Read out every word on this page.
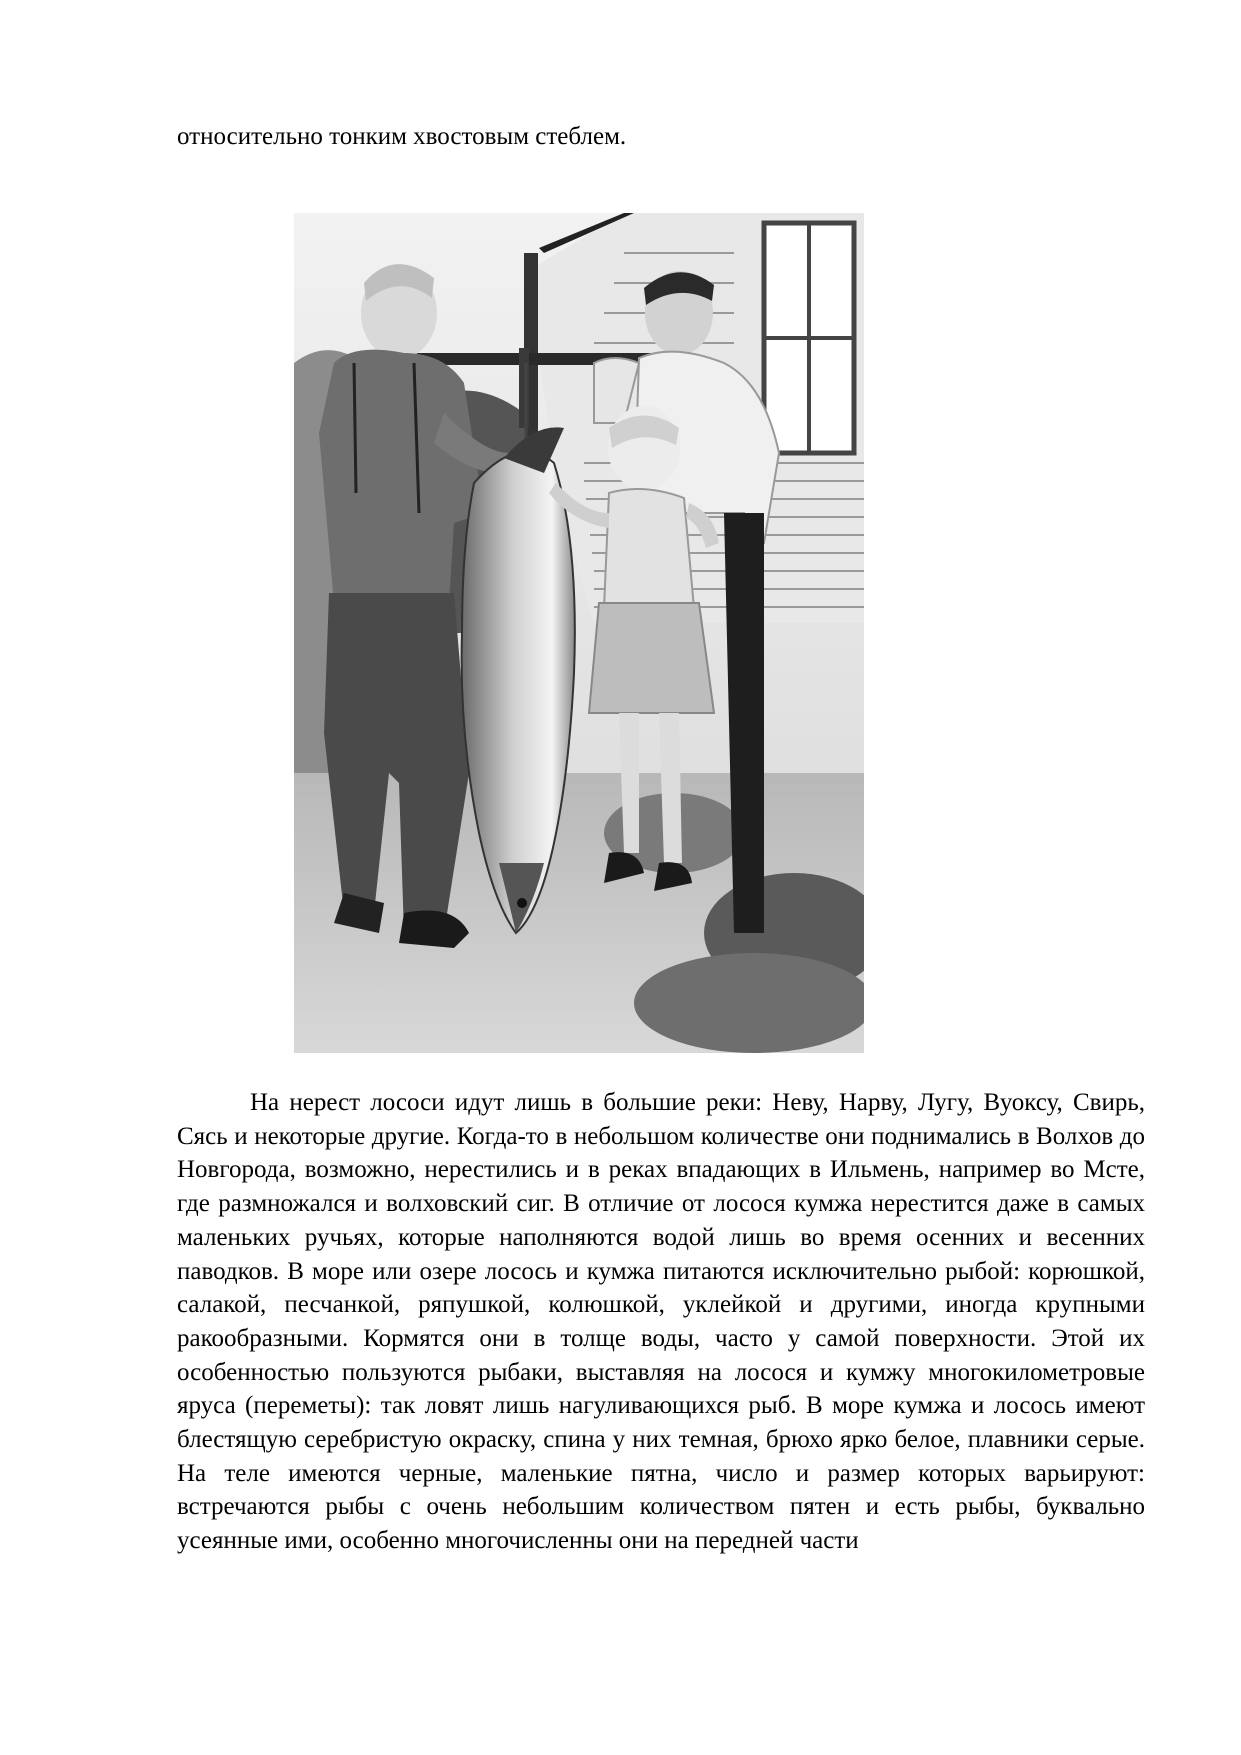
относительно тонким хвостовым стеблем.

На нерест лососи идут лишь в большие реки: Неву, Нарву, Лугу, Вуоксу, Свирь, Сясь и некоторые другие. Когда-то в небольшом количестве они поднимались в Волхов до Новгорода, возможно, нерестились и в реках впадающих в Ильмень, например во Мсте, где размножался и волховский сиг. В отличие от лосося кумжа нерестится даже в самых маленьких ручьях, которые наполняются водой лишь во время осенних и весенних паводков. В море или озере лосось и кумжа питаются исключительно рыбой: корюшкой, салакой, песчанкой, ряпушкой, колюшкой, уклейкой и другими, иногда крупными ракообразными. Кормятся они в толще воды, часто у самой поверхности. Этой их особенностью пользуются рыбаки, выставляя на лосося и кумжу многокилометровые яруса (переметы): так ловят лишь нагуливающихся рыб. В море кумжа и лосось имеют блестящую серебристую окраску, спина у них темная, брюхо ярко белое, плавники серые. На теле имеются черные, маленькие пятна, число и размер которых варьируют: встречаются рыбы с очень небольшим количеством пятен и есть рыбы, буквально усеянные ими, особенно многочисленны они на передней части
